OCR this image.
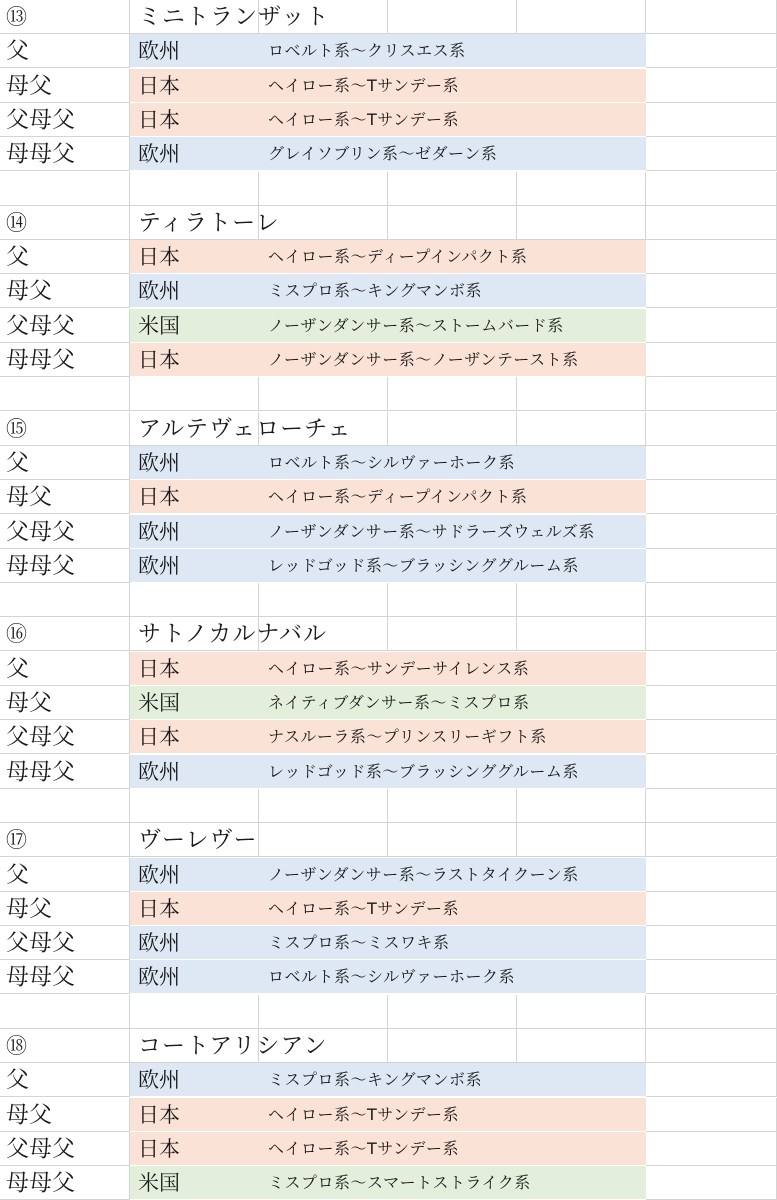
⑬	ミニトランザット
父	欧州	ロベルト系～クリスエス系
母父	日本	ヘイロー系～Tサンデー系
父母父	日本	ヘイロー系～Tサンデー系
母母父	欧州	グレイソブリン系～ゼダーン系
⑭	ティラトーレ
父	日本	ヘイロー系～ディープインパクト系
母父	欧州	ミスプロ系～キングマンボ系
父母父	米国	ノーザンダンサー系～ストームバード系
母母父	日本	ノーザンダンサー系～ノーザンテースト系
⑮	アルテヴェローチェ
父	欧州	ロベルト系～シルヴァーホーク系
母父	日本	ヘイロー系～ディープインパクト系
父母父	欧州	ノーザンダンサー系～サドラーズウェルズ系
母母父	欧州	レッドゴッド系～ブラッシンググルーム系
⑯	サトノカルナバル
父	日本	ヘイロー系～サンデーサイレンス系
母父	米国	ネイティブダンサー系～ミスプロ系
父母父	日本	ナスルーラ系～プリンスリーギフト系
母母父	欧州	レッドゴッド系～ブラッシンググルーム系
⑰	ヴーレヴー
父	欧州	ノーザンダンサー系～ラストタイクーン系
母父	日本	ヘイロー系～Tサンデー系
父母父	欧州	ミスプロ系～ミスワキ系
母母父	欧州	ロベルト系～シルヴァーホーク系
⑱	コートアリシアン
父	欧州	ミスプロ系～キングマンボ系
母父	日本	ヘイロー系～Tサンデー系
父母父	日本	ヘイロー系～Tサンデー系
母母父	米国	ミスプロ系～スマートストライク系
